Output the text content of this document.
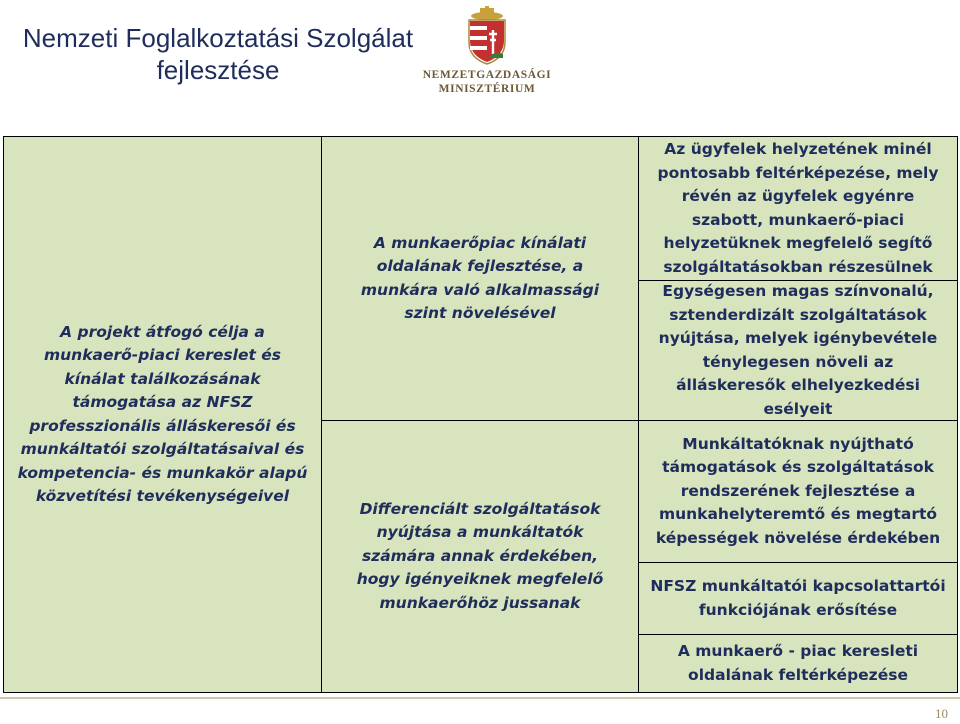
Nemzeti Foglalkoztatási Szolgálat fejlesztése	NEMZETGAZDASÁGI
MINISZTÉRIUM
A projekt átfogó célja a munkaerő-piaci kereslet és kínálat találkozásának támogatása az NFSZ professzionális álláskeresői és munkáltatói szolgáltatásaival és kompetencia- és munkakör alapú közvetítési tevékenységeivel
A munkaerőpiac kínálati oldalának fejlesztése, a munkára való alkalmassági szint növelésével
Differenciált szolgáltatások nyújtása a munkáltatók számára annak érdekében, hogy igényeiknek megfelelő munkaerőhöz jussanak
Az ügyfelek helyzetének minél pontosabb feltérképezése, mely révén az ügyfelek egyénre szabott, munkaerő-piaci helyzetüknek megfelelő segítő szolgáltatásokban részesülnek
Egységesen magas színvonalú, sztenderdizált szolgáltatások nyújtása, melyek igénybevétele ténylegesen növeli az álláskeresők elhelyezkedési esélyeit
Munkáltatóknak nyújtható támogatások és szolgáltatások rendszerének fejlesztése a munkahelyteremtő és megtartó képességek növelése érdekében
NFSZ munkáltatói kapcsolattartói funkciójának erősítése
A munkaerő - piac keresleti oldalának feltérképezése
10
